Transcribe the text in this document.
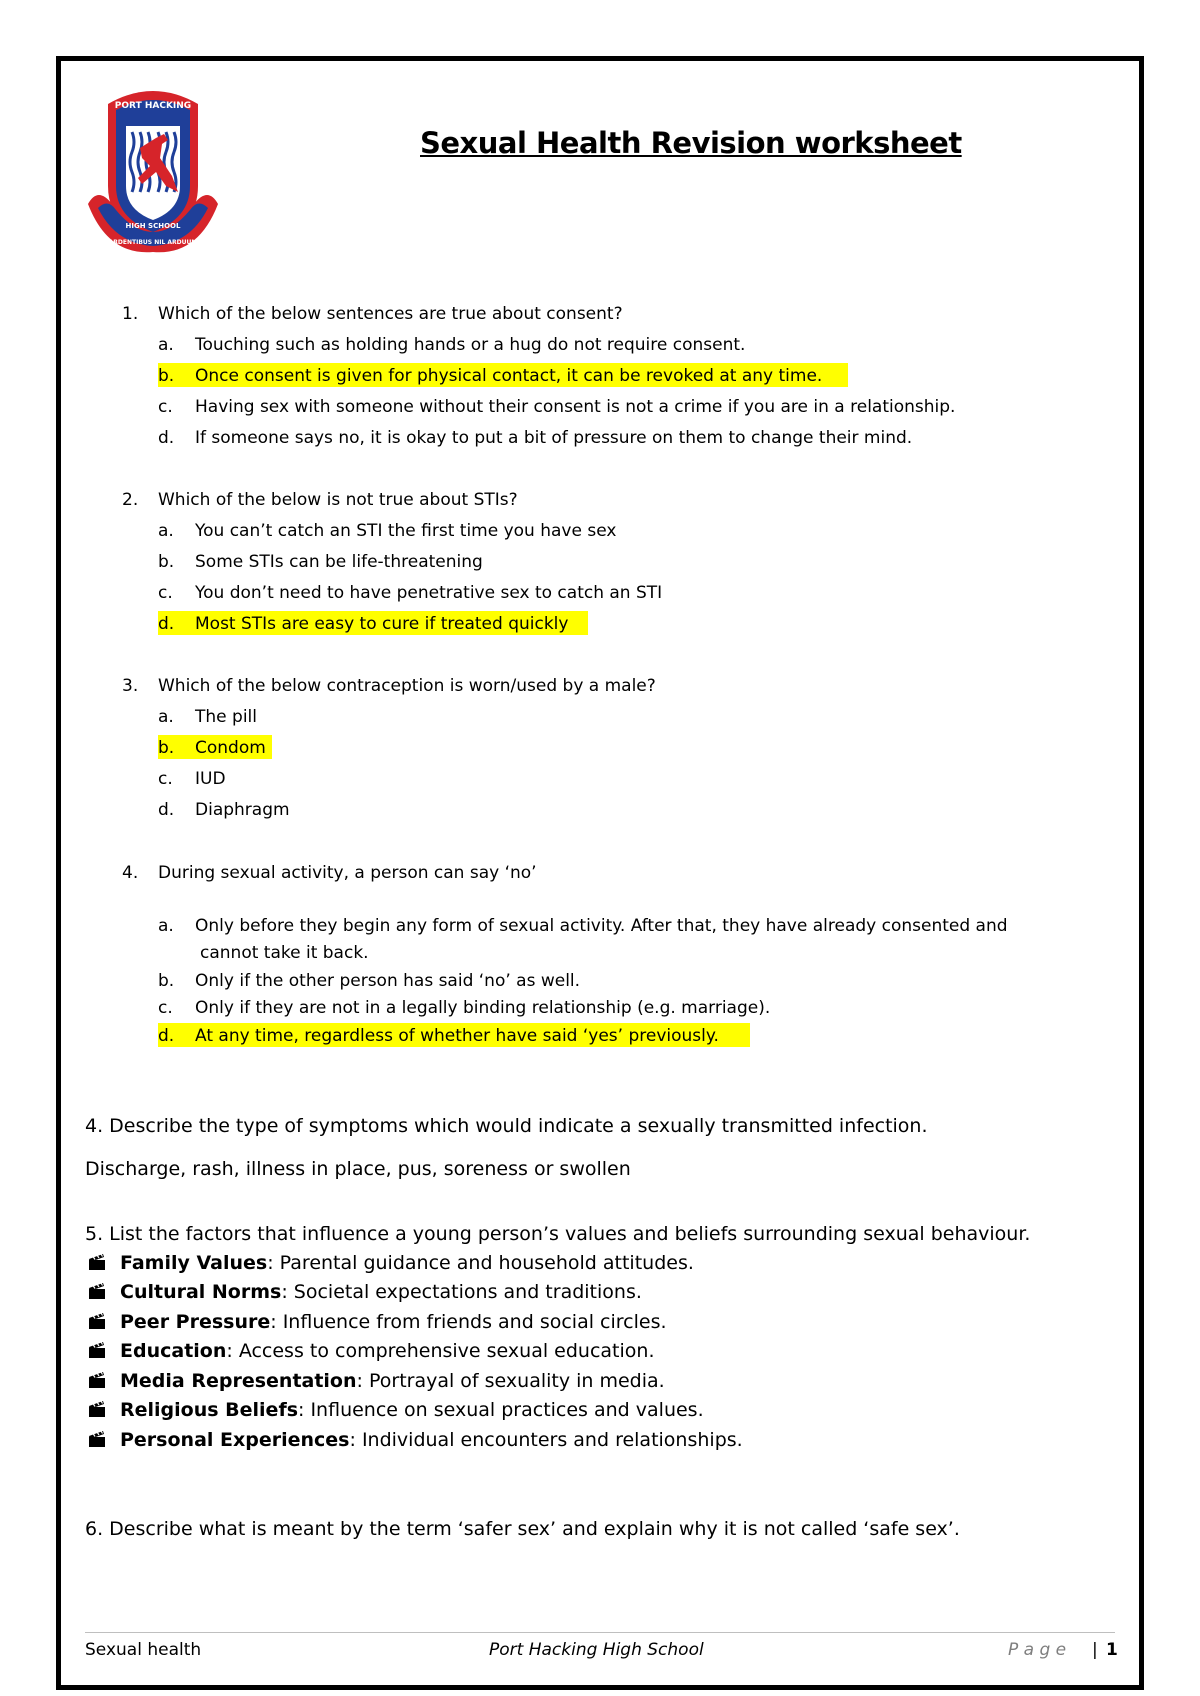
PORT HACKING
ARDENTIBUS NIL ARDUUM
HIGH SCHOOL
Sexual Health Revision worksheet
1. Which of the below sentences are true about consent?
a. Touching such as holding hands or a hug do not require consent.
b. Once consent is given for physical contact, it can be revoked at any time.
c. Having sex with someone without their consent is not a crime if you are in a relationship.
d. If someone says no, it is okay to put a bit of pressure on them to change their mind.
2. Which of the below is not true about STIs?
a. You can’t catch an STI the first time you have sex
b. Some STIs can be life-threatening
c. You don’t need to have penetrative sex to catch an STI
d. Most STIs are easy to cure if treated quickly
3. Which of the below contraception is worn/used by a male?
a. The pill
b. Condom
c. IUD
d. Diaphragm
4. During sexual activity, a person can say ‘no’
a. Only before they begin any form of sexual activity. After that, they have already consented and
cannot take it back.
b. Only if the other person has said ‘no’ as well.
c. Only if they are not in a legally binding relationship (e.g. marriage).
d. At any time, regardless of whether have said ‘yes’ previously.
4. Describe the type of symptoms which would indicate a sexually transmitted infection.
Discharge, rash, illness in place, pus, soreness or swollen
5. List the factors that influence a young person’s values and beliefs surrounding sexual behaviour.
Family Values: Parental guidance and household attitudes.
Cultural Norms: Societal expectations and traditions.
Peer Pressure: Influence from friends and social circles.
Education: Access to comprehensive sexual education.
Media Representation: Portrayal of sexuality in media.
Religious Beliefs: Influence on sexual practices and values.
Personal Experiences: Individual encounters and relationships.
6. Describe what is meant by the term ‘safer sex’ and explain why it is not called ‘safe sex’.
Sexual health	Port Hacking High School	P a g e | 1
